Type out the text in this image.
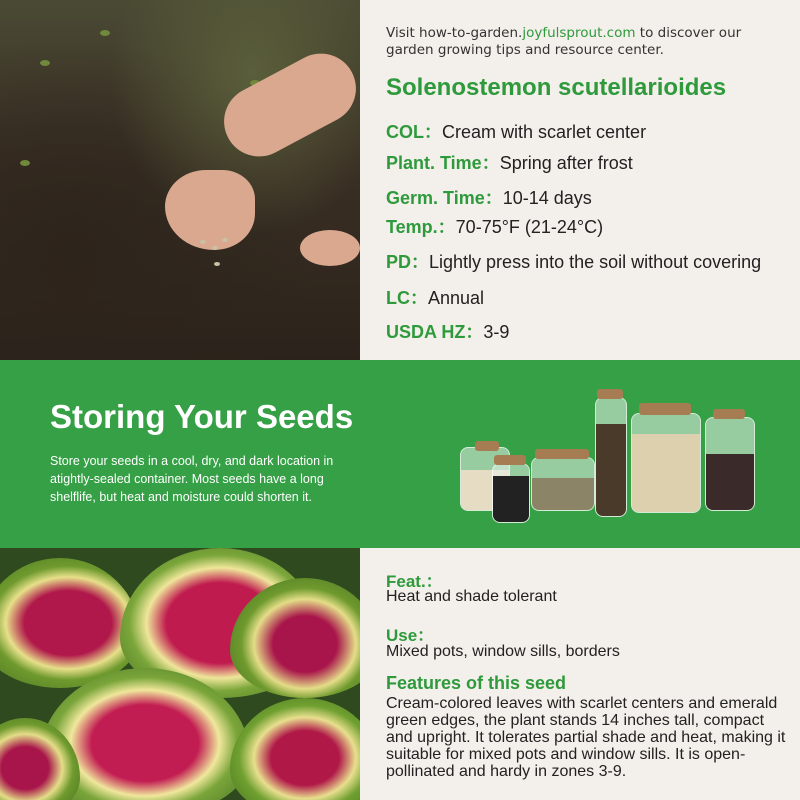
Visit how-to-garden.joyfulsprout.com to discover our garden growing tips and resource center.
Solenostemon scutellarioides
COL：Cream with scarlet center
Plant. Time：Spring after frost
Germ. Time：10-14 days
Temp.：70-75°F (21-24°C)
PD：Lightly press into the soil without covering
LC：Annual
USDA HZ：3-9
Storing Your Seeds
Store your seeds in a cool, dry, and dark location in atightly-sealed container. Most seeds have a long shelflife, but heat and moisture could shorten it.
Feat.：
Heat and shade tolerant
Use：
Mixed pots, window sills, borders
Features of this seed
Cream-colored leaves with scarlet centers and emerald green edges, the plant stands 14 inches tall, compact and upright. It tolerates partial shade and heat, making it suitable for mixed pots and window sills. It is open-pollinated and hardy in zones 3-9.
